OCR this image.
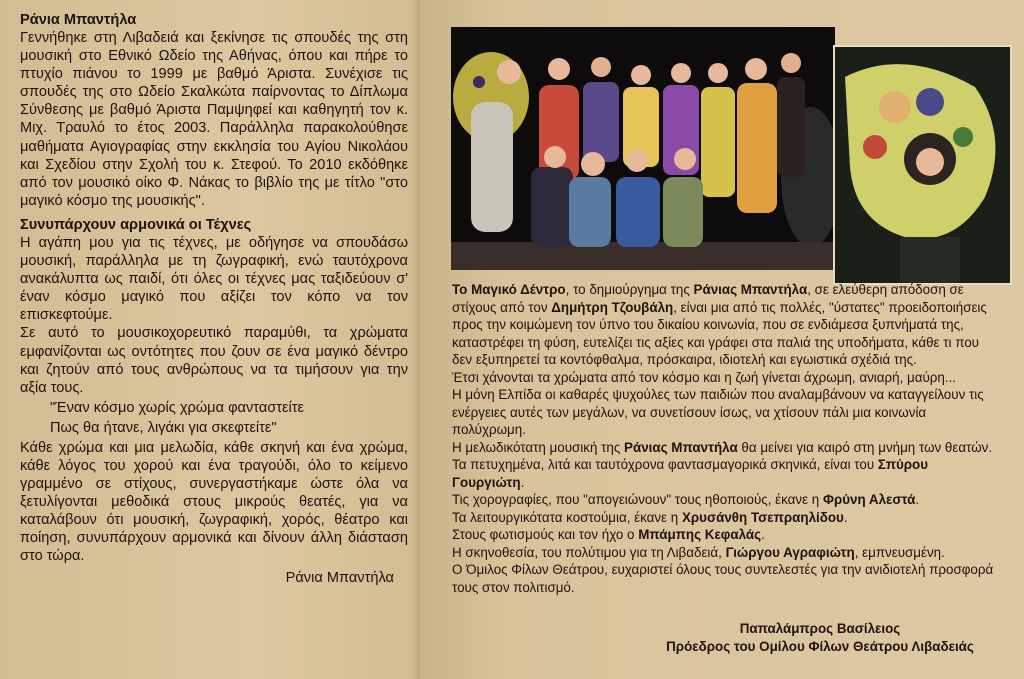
Ράνια Μπαντήλα

Γεννήθηκε στη Λιβαδειά και ξεκίνησε τις σπουδές της στη μουσική στο Εθνικό Ωδείο της Αθήνας, όπου και πήρε το πτυχίο πιάνου το 1999 με βαθμό Άριστα. Συνέχισε τις σπουδές της στο Ωδείο Σκαλκώτα παίρνοντας το Δίπλωμα Σύνθεσης με βαθμό Άριστα Παμψηφεί και καθηγητή τον κ. Μιχ. Τραυλό το έτος 2003. Παράλληλα παρακολούθησε μαθήματα Αγιογραφίας στην εκκλησία του Αγίου Νικολάου και Σχεδίου στην Σχολή του κ. Στεφού. Το 2010 εκδόθηκε από τον μουσικό οίκο Φ. Νάκας το βιβλίο της με τίτλο "στο μαγικό κόσμο της μουσικής".

Συνυπάρχουν αρμονικά οι Τέχνες

Η αγάπη μου για τις τέχνες, με οδήγησε να σπουδάσω μουσική, παράλληλα με τη ζωγραφική, ενώ ταυτόχρονα ανακάλυπτα ως παιδί, ότι όλες οι τέχνες μας ταξιδεύουν σ' έναν κόσμο μαγικό που αξίζει τον κόπο να τον επισκεφτούμε.

Σε αυτό το μουσικοχορευτικό παραμύθι, τα χρώματα εμφανίζονται ως οντότητες που ζουν σε ένα μαγικό δέντρο και ζητούν από τους ανθρώπους να τα τιμήσουν για την αξία τους.

"Έναν κόσμο χωρίς χρώμα φανταστείτε

Πως θα ήτανε, λιγάκι για σκεφτείτε"

Κάθε χρώμα και μια μελωδία, κάθε σκηνή και ένα χρώμα, κάθε λόγος του χορού και ένα τραγούδι, όλο το κείμενο γραμμένο σε στίχους, συνεργαστήκαμε ώστε όλα να ξετυλίγονται μεθοδικά στους μικρούς θεατές, για να καταλάβουν ότι μουσική, ζωγραφική, χορός, θέατρο και ποίηση, συνυπάρχουν αρμονικά και δίνουν άλλη διάσταση στο τώρα.

Ράνια Μπαντήλα

Το Μαγικό Δέντρο, το δημιούργημα της Ράνιας Μπαντήλα, σε ελεύθερη απόδοση σε στίχους από τον Δημήτρη Τζουβάλη, είναι μια από τις πολλές, "ύστατες" προειδοποιήσεις προς την κοιμώμενη τον ύπνο του δικαίου κοινωνία, που σε ενδιάμεσα ξυπνήματά της, καταστρέφει τη φύση, ευτελίζει τις αξίες και γράφει στα παλιά της υποδήματα, κάθε τι που δεν εξυπηρετεί τα κοντόφθαλμα, πρόσκαιρα, ιδιοτελή και εγωιστικά σχέδιά της.

Έτσι χάνονται τα χρώματα από τον κόσμο και η ζωή γίνεται άχρωμη, ανιαρή, μαύρη...

Η μόνη Ελπίδα οι καθαρές ψυχούλες των παιδιών που αναλαμβάνουν να καταγγείλουν τις ενέργειες αυτές των μεγάλων, να συνετίσουν ίσως, να χτίσουν πάλι μια κοινωνία πολύχρωμη.

Η μελωδικότατη μουσική της Ράνιας Μπαντήλα θα μείνει για καιρό στη μνήμη των θεατών.

Τα πετυχημένα, λιτά και ταυτόχρονα φαντασμαγορικά σκηνικά, είναι του Σπύρου Γουργιώτη.

Τις χορογραφίες, που "απογειώνουν" τους ηθοποιούς, έκανε η Φρύνη Αλεστά.

Τα λειτουργικότατα κοστούμια, έκανε η Χρυσάνθη Τσεπραηλίδου.

Στους φωτισμούς και τον ήχο ο Μπάμπης Κεφαλάς.

Η σκηνοθεσία, του πολύτιμου για τη Λιβαδειά, Γιώργου Αγραφιώτη, εμπνευσμένη.

Ο Όμιλος Φίλων Θεάτρου, ευχαριστεί όλους τους συντελεστές για την ανιδιοτελή προσφορά τους στον πολιτισμό.

Παπαλάμπρος Βασίλειος
Πρόεδρος του Ομίλου Φίλων Θεάτρου Λιβαδειάς
